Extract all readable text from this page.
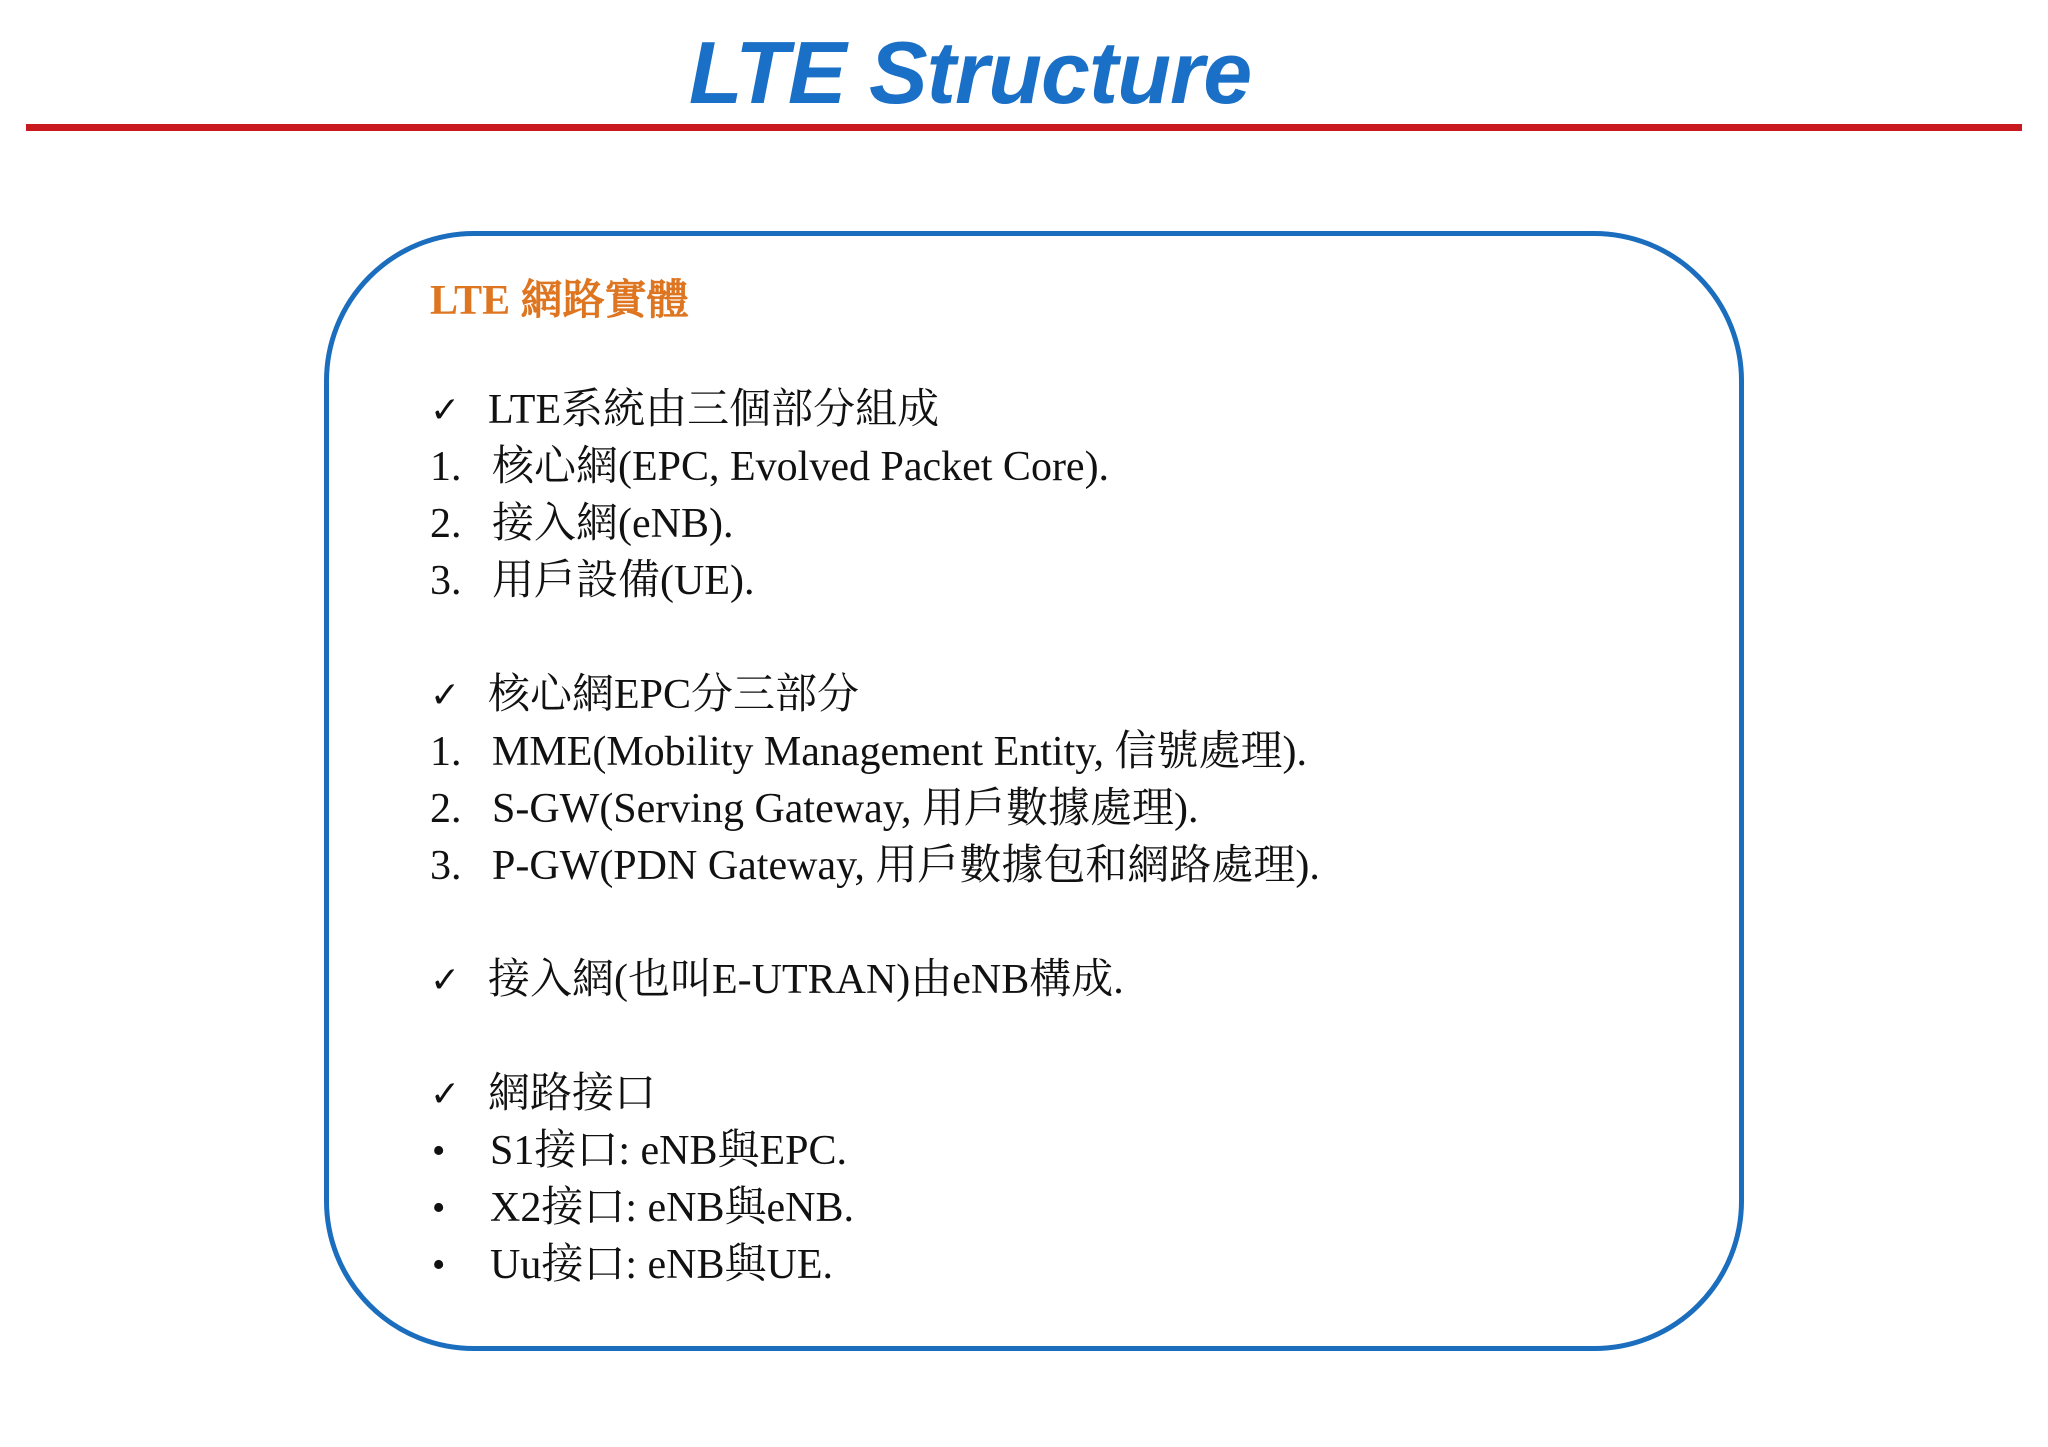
LTE Structure
LTE 網路實體
✓ LTE系統由三個部分組成
1. 核心網(EPC, Evolved Packet Core).
2. 接入網(eNB).
3. 用戶設備(UE).
✓ 核心網EPC分三部分
1. MME(Mobility Management Entity, 信號處理).
2. S-GW(Serving Gateway, 用戶數據處理).
3. P-GW(PDN Gateway, 用戶數據包和網路處理).
✓ 接入網(也叫E-UTRAN)由eNB構成.
✓ 網路接口
•	S1接口: eNB與EPC.
•	X2接口: eNB與eNB.
•	Uu接口: eNB與UE.
